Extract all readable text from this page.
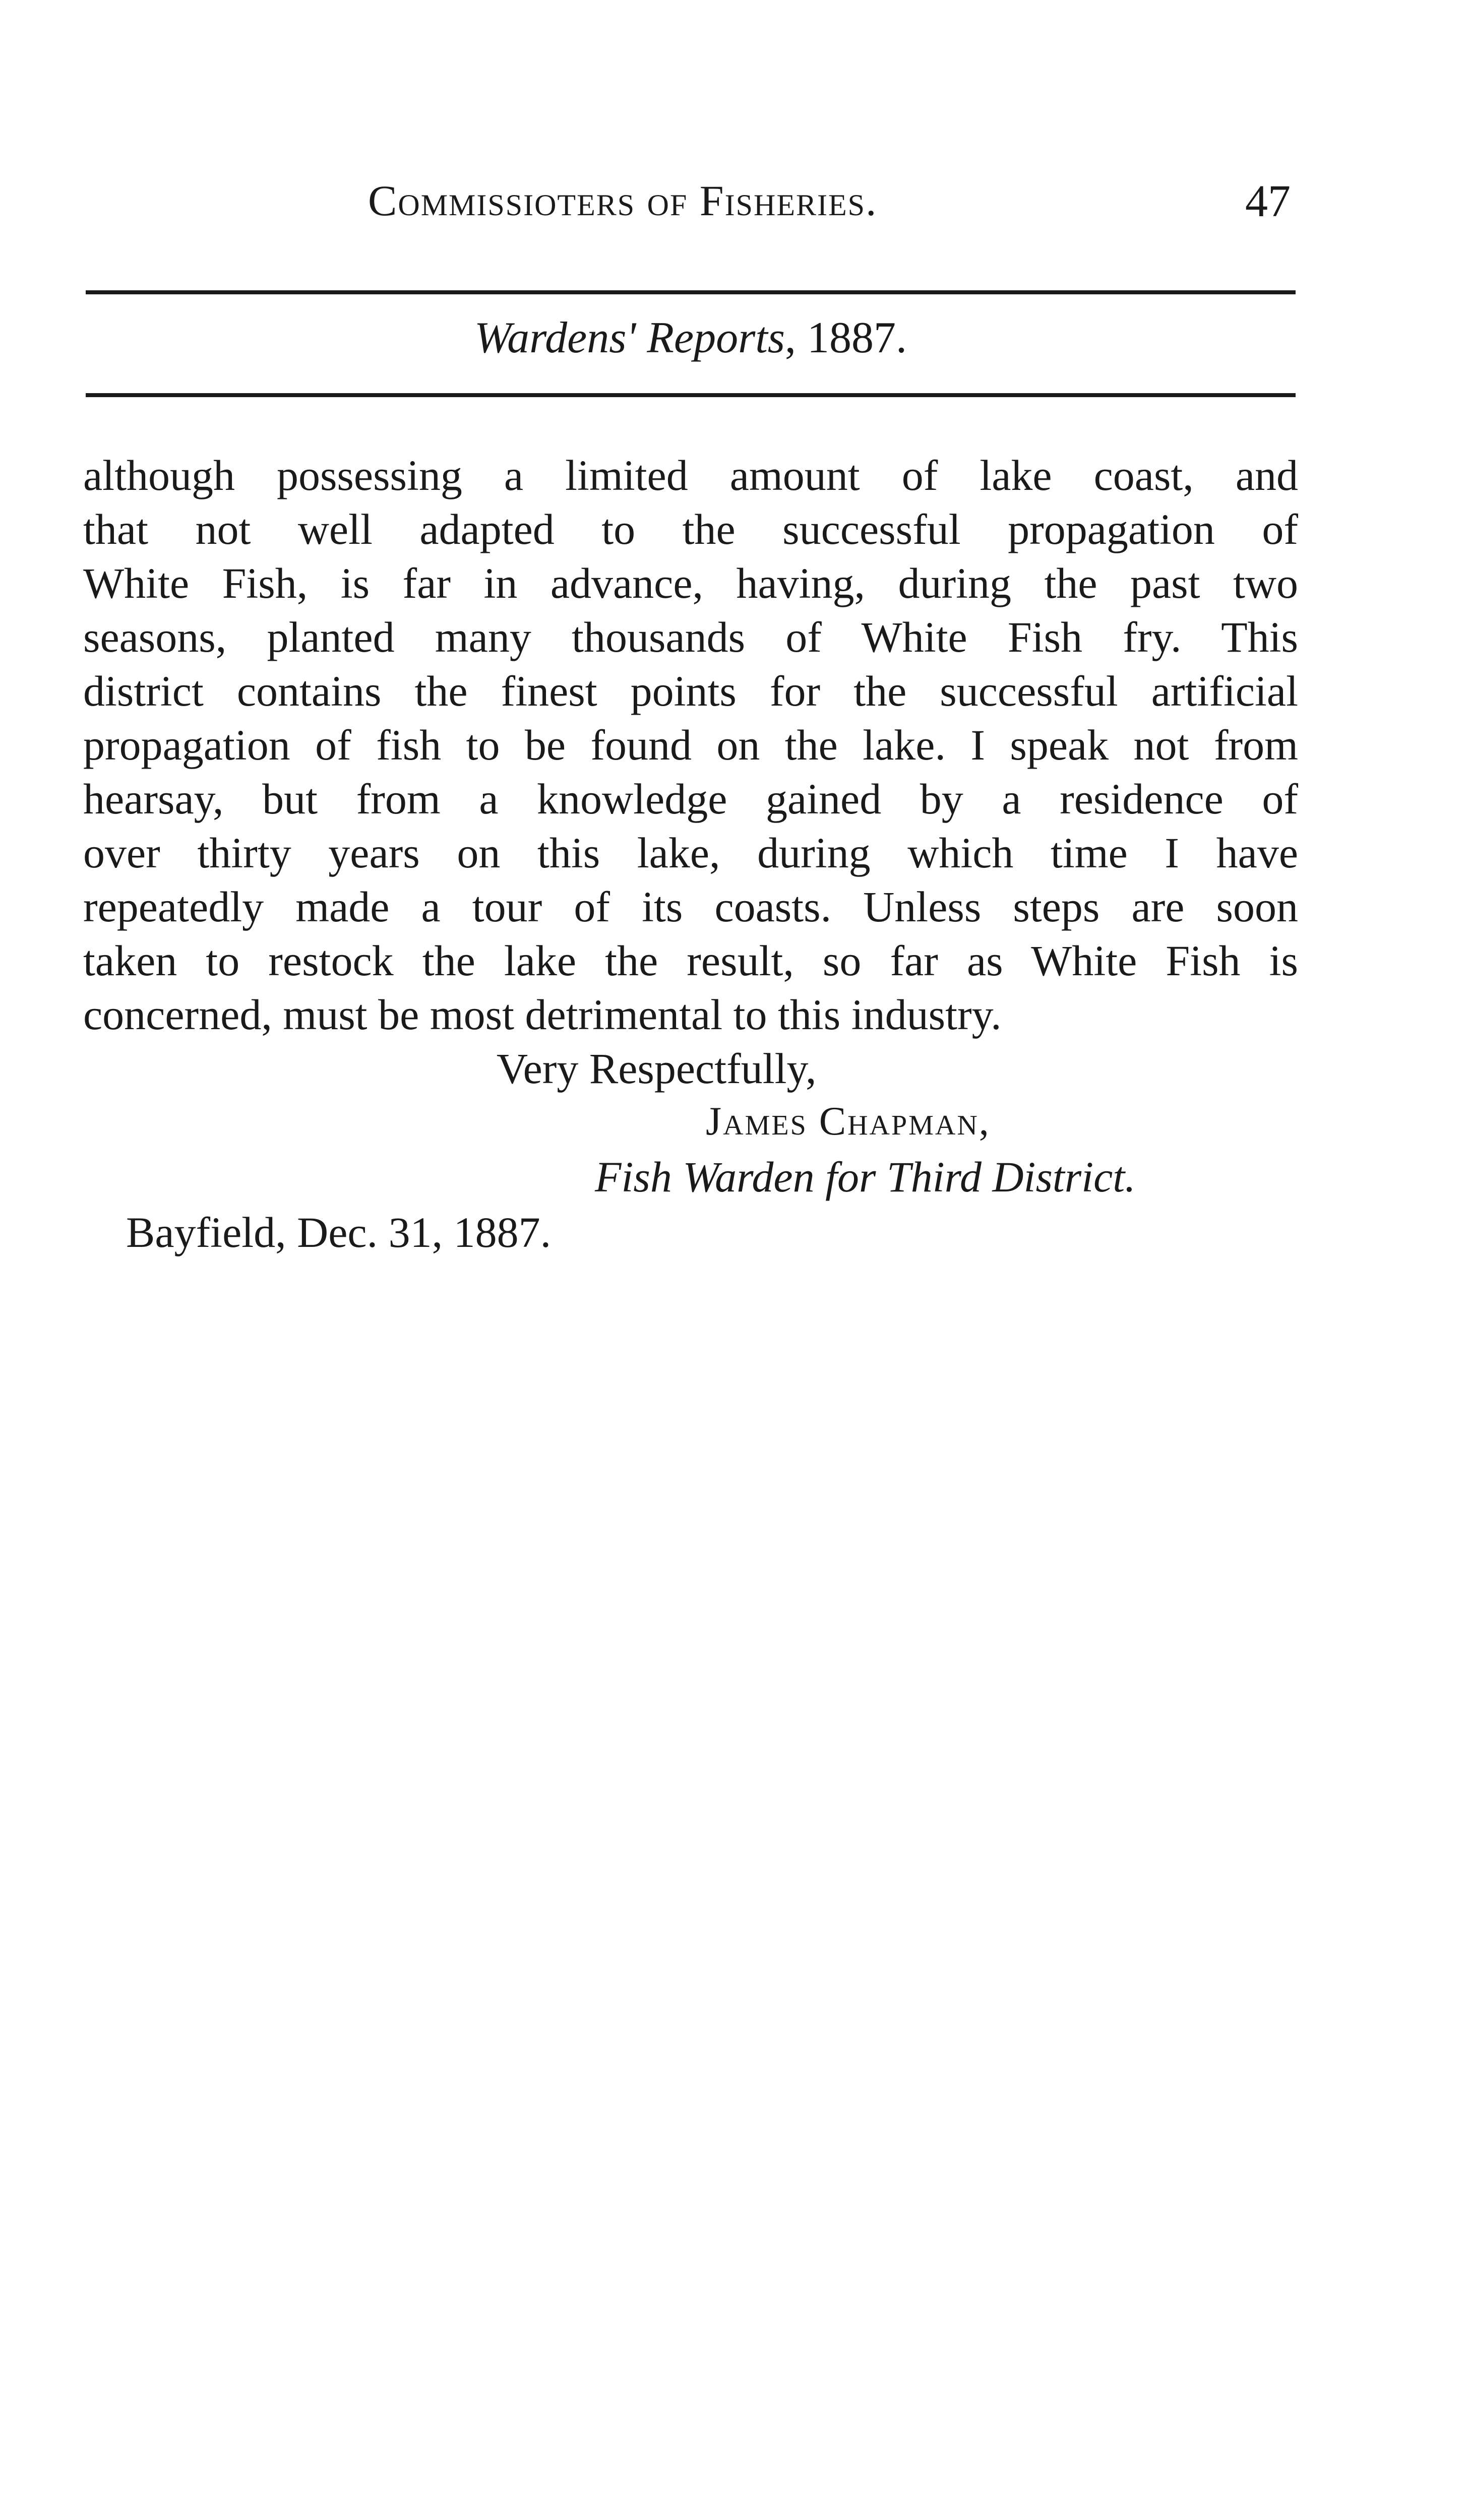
Commissioters of Fisheries.	47
Wardens' Reports, 1887.
although possessing a limited amount of lake coast, and
that not well adapted to the successful propagation of
White Fish, is far in advance, having, during the past two
seasons, planted many thousands of White Fish fry. This
district contains the finest points for the successful artificial
propagation of fish to be found on the lake. I speak not from
hearsay, but from a knowledge gained by a residence of
over thirty years on this lake, during which time I have
repeatedly made a tour of its coasts. Unless steps are soon
taken to restock the lake the result, so far as White Fish is
concerned, must be most detrimental to this industry.
Very Respectfully,
James Chapman,
Fish Warden for Third District.
Bayfield, Dec. 31, 1887.
